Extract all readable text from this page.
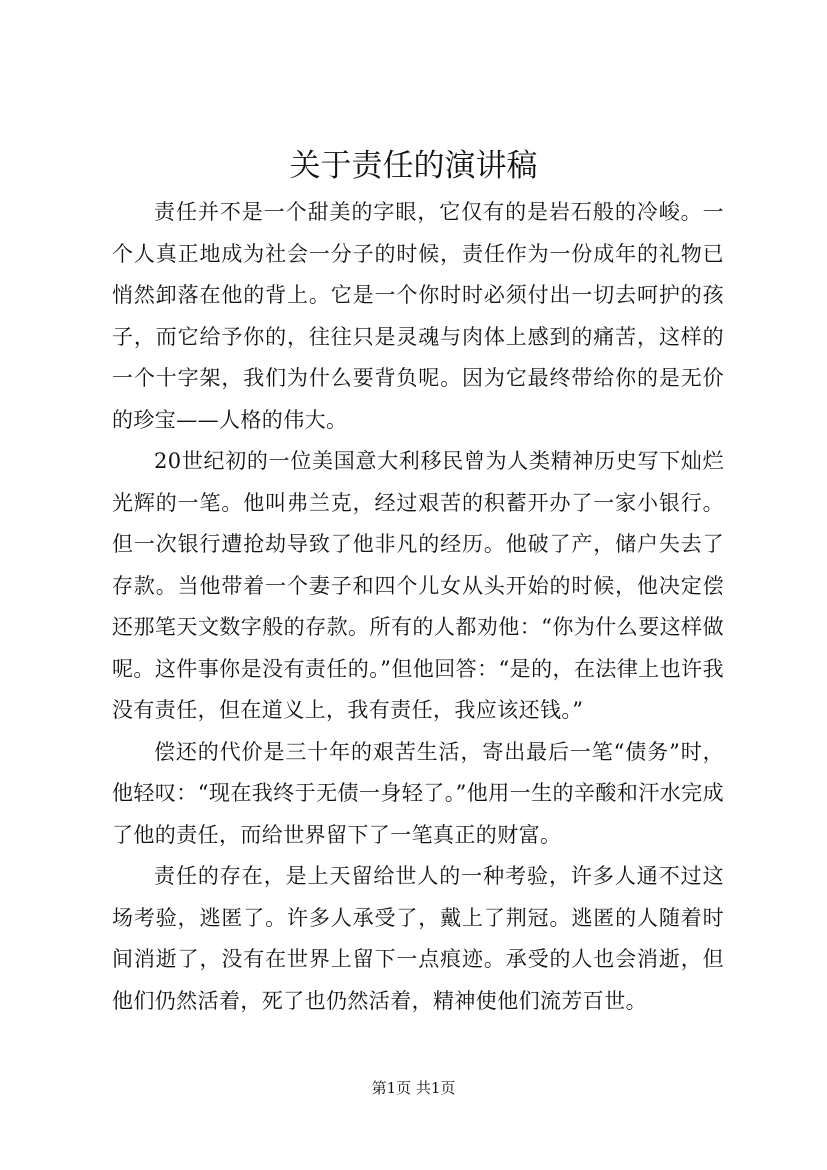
关于责任的演讲稿

责任并不是一个甜美的字眼，它仅有的是岩石般的冷峻。一个人真正地成为社会一分子的时候，责任作为一份成年的礼物已悄然卸落在他的背上。它是一个你时时必须付出一切去呵护的孩子，而它给予你的，往往只是灵魂与肉体上感到的痛苦，这样的一个十字架，我们为什么要背负呢。因为它最终带给你的是无价的珍宝——人格的伟大。

20世纪初的一位美国意大利移民曾为人类精神历史写下灿烂光辉的一笔。他叫弗兰克，经过艰苦的积蓄开办了一家小银行。但一次银行遭抢劫导致了他非凡的经历。他破了产，储户失去了存款。当他带着一个妻子和四个儿女从头开始的时候，他决定偿还那笔天文数字般的存款。所有的人都劝他：“你为什么要这样做呢。这件事你是没有责任的。”但他回答：“是的，在法律上也许我没有责任，但在道义上，我有责任，我应该还钱。”

偿还的代价是三十年的艰苦生活，寄出最后一笔“债务”时，他轻叹：“现在我终于无债一身轻了。”他用一生的辛酸和汗水完成了他的责任，而给世界留下了一笔真正的财富。

责任的存在，是上天留给世人的一种考验，许多人通不过这场考验，逃匿了。许多人承受了，戴上了荆冠。逃匿的人随着时间消逝了，没有在世界上留下一点痕迹。承受的人也会消逝，但他们仍然活着，死了也仍然活着，精神使他们流芳百世。

第1页 共1页
